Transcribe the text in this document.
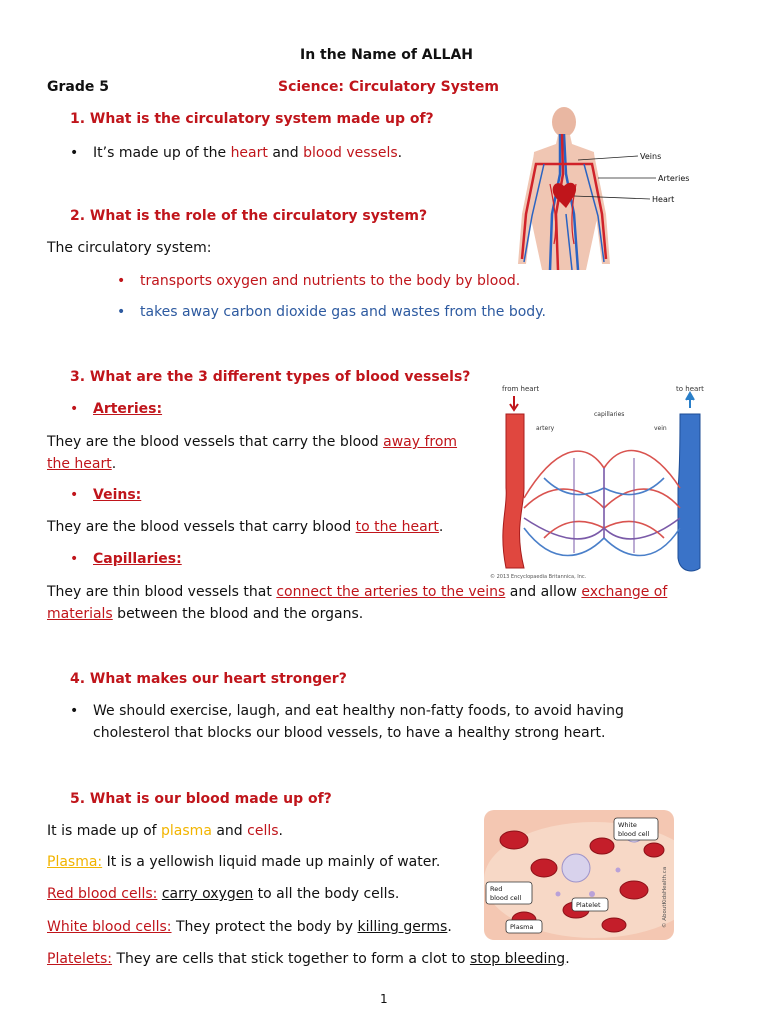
In the Name of ALLAH
Grade 5	Science: Circulatory System
1. What is the circulatory system made up of?
• It’s made up of the heart and blood vessels.
2. What is the role of the circulatory system?
The circulatory system:
• transports oxygen and nutrients to the body by blood.
• takes away carbon dioxide gas and wastes from the body.
3. What are the 3 different types of blood vessels?
• Arteries:
They are the blood vessels that carry the blood away from
the heart.
• Veins:
They are the blood vessels that carry blood to the heart.
• Capillaries:
They are thin blood vessels that connect the arteries to the veins and allow exchange of
materials between the blood and the organs.
4. What makes our heart stronger?
• We should exercise, laugh, and eat healthy non-fatty foods, to avoid having
cholesterol that blocks our blood vessels, to have a healthy strong heart.
5. What is our blood made up of?
It is made up of plasma and cells.
Plasma: It is a yellowish liquid made up mainly of water.
Red blood cells: carry oxygen to all the body cells.
White blood cells: They protect the body by killing germs.
Platelets: They are cells that stick together to form a clot to stop bleeding.
1
Veins
Arteries
Heart
from heart	to heart
artery
capillaries
vein
© 2013 Encyclopaedia Britannica, Inc.
White
blood cell
Red
blood cell
Platelet
Plasma	© AboutKidsHealth.ca
